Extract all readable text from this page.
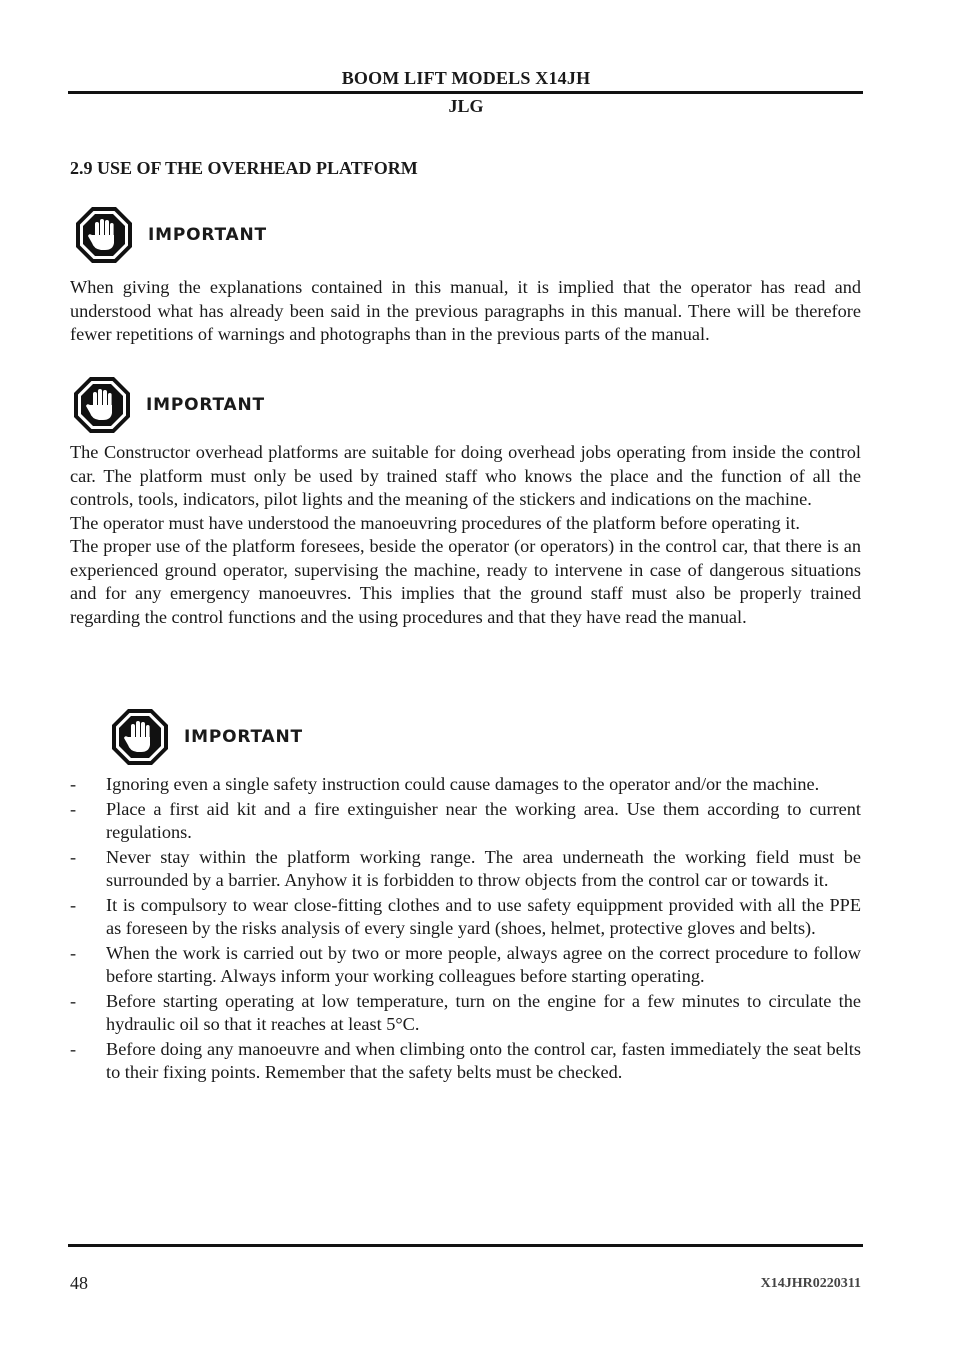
BOOM LIFT MODELS X14JH
JLG
2.9 USE OF THE OVERHEAD PLATFORM
IMPORTANT

When giving the explanations contained in this manual, it is implied that the operator has read and understood what has already been said in the previous paragraphs in this manual. There will be therefore fewer repetitions of warnings and photographs than in the previous parts of the manual.

IMPORTANT

The Constructor overhead platforms are suitable for doing overhead jobs operating from inside the control car. The platform must only be used by trained staff who knows the place and the function of all the controls, tools, indicators, pilot lights and the meaning of the stickers and indications on the machine.

The operator must have understood the manoeuvring procedures of the platform before operating it.

The proper use of the platform foresees, beside the operator (or operators) in the control car, that there is an experienced ground operator, supervising the machine, ready to intervene in case of dangerous situations and for any emergency manoeuvres. This implies that the ground staff must also be properly trained regarding the control functions and the using procedures and that they have read the manual.

IMPORTANT
-	Ignoring even a single safety instruction could cause damages to the operator and/or the machine.
-	Place a first aid kit and a fire extinguisher near the working area. Use them according to current regulations.
-	Never stay within the platform working range. The area underneath the working field must be surrounded by a barrier. Anyhow it is forbidden to throw objects from the control car or towards it.
-	It is compulsory to wear close-fitting clothes and to use safety equippment provided with all the PPE as foreseen by the risks analysis of every single yard (shoes, helmet, protective gloves and belts).
-	When the work is carried out by two or more people, always agree on the correct procedure to follow before starting. Always inform your working colleagues before starting operating.
-	Before starting operating at low temperature, turn on the engine for a few minutes to circulate the hydraulic oil so that it reaches at least 5°C.
-	Before doing any manoeuvre and when climbing onto the control car, fasten immediately the seat belts to their fixing points. Remember that the safety belts must be checked.
48	X14JHR0220311
